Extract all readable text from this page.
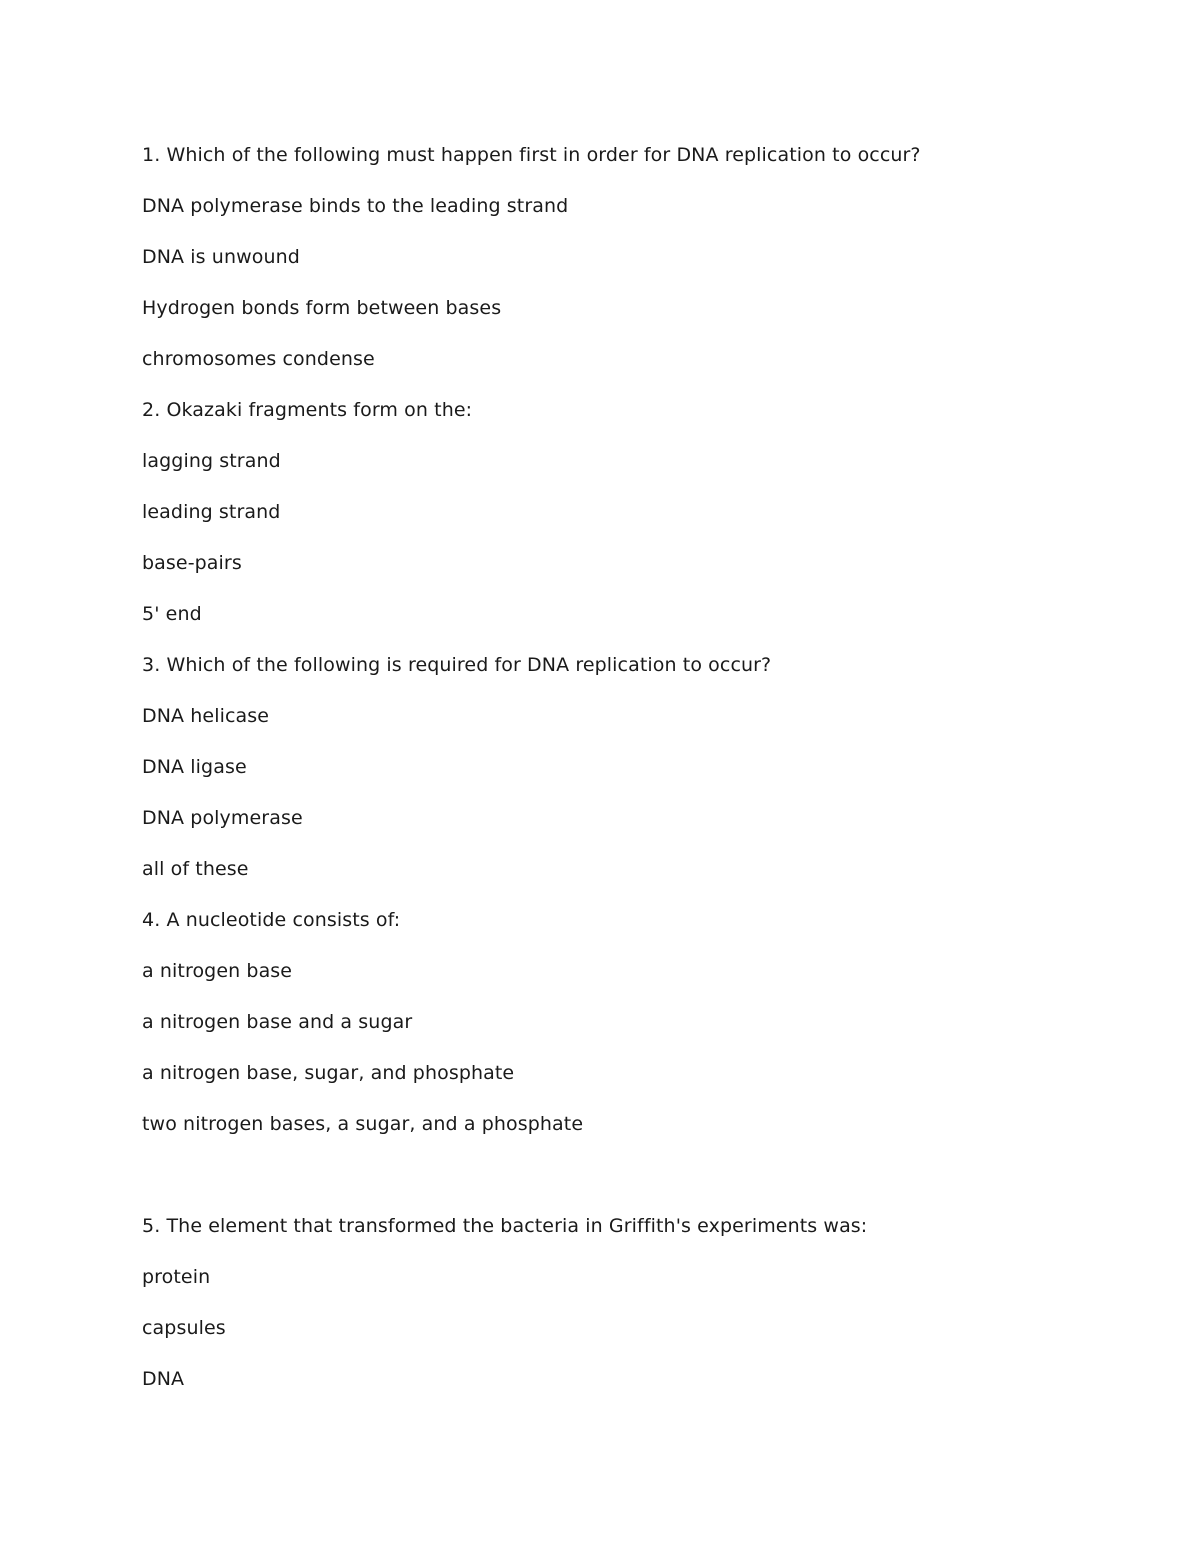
1. Which of the following must happen first in order for DNA replication to occur?
DNA polymerase binds to the leading strand
DNA is unwound
Hydrogen bonds form between bases
chromosomes condense
2. Okazaki fragments form on the:
lagging strand
leading strand
base-pairs
5' end
3. Which of the following is required for DNA replication to occur?
DNA helicase
DNA ligase
DNA polymerase
all of these
4. A nucleotide consists of:
a nitrogen base
a nitrogen base and a sugar
a nitrogen base, sugar, and phosphate
two nitrogen bases, a sugar, and a phosphate
5. The element that transformed the bacteria in Griffith's experiments was:
protein
capsules
DNA
